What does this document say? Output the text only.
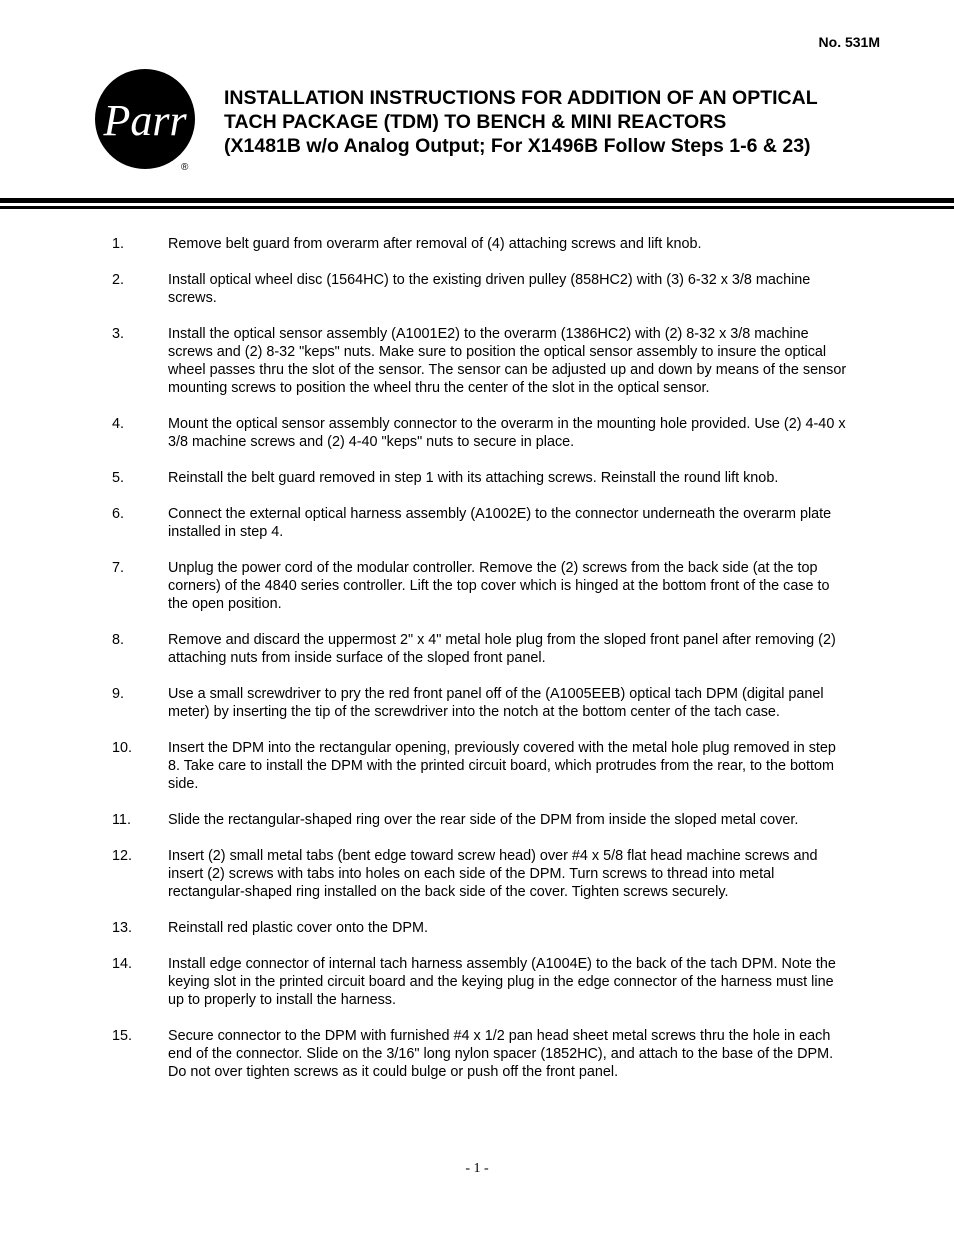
No. 531M
Parr
®
INSTALLATION INSTRUCTIONS FOR ADDITION OF AN OPTICAL
TACH PACKAGE (TDM) TO BENCH & MINI REACTORS
(X1481B w/o Analog Output; For X1496B Follow Steps 1-6 & 23)
1.	Remove belt guard from overarm after removal of (4) attaching screws and lift knob.
2.	Install optical wheel disc (1564HC) to the existing driven pulley (858HC2) with (3) 6-32 x 3/8 machine screws.
3.	Install the optical sensor assembly (A1001E2) to the overarm (1386HC2) with (2) 8-32 x 3/8 machine screws and (2) 8-32 "keps" nuts. Make sure to position the optical sensor assembly to insure the optical wheel passes thru the slot of the sensor. The sensor can be adjusted up and down by means of the sensor mounting screws to position the wheel thru the center of the slot in the optical sensor.
4.	Mount the optical sensor assembly connector to the overarm in the mounting hole provided. Use (2) 4-40 x 3/8 machine screws and (2) 4-40 "keps" nuts to secure in place.
5.	Reinstall the belt guard removed in step 1 with its attaching screws. Reinstall the round lift knob.
6.	Connect the external optical harness assembly (A1002E) to the connector underneath the overarm plate installed in step 4.
7.	Unplug the power cord of the modular controller. Remove the (2) screws from the back side (at the top corners) of the 4840 series controller. Lift the top cover which is hinged at the bottom front of the case to the open position.
8.	Remove and discard the uppermost 2" x 4" metal hole plug from the sloped front panel after removing (2) attaching nuts from inside surface of the sloped front panel.
9.	Use a small screwdriver to pry the red front panel off of the (A1005EEB) optical tach DPM (digital panel meter) by inserting the tip of the screwdriver into the notch at the bottom center of the tach case.
10.	Insert the DPM into the rectangular opening, previously covered with the metal hole plug removed in step 8. Take care to install the DPM with the printed circuit board, which protrudes from the rear, to the bottom side.
11.	Slide the rectangular-shaped ring over the rear side of the DPM from inside the sloped metal cover.
12.	Insert (2) small metal tabs (bent edge toward screw head) over #4 x 5/8 flat head machine screws and insert (2) screws with tabs into holes on each side of the DPM. Turn screws to thread into metal rectangular-shaped ring installed on the back side of the cover. Tighten screws securely.
13.	Reinstall red plastic cover onto the DPM.
14.	Install edge connector of internal tach harness assembly (A1004E) to the back of the tach DPM. Note the keying slot in the printed circuit board and the keying plug in the edge connector of the harness must line up to properly to install the harness.
15.	Secure connector to the DPM with furnished #4 x 1/2 pan head sheet metal screws thru the hole in each end of the connector. Slide on the 3/16" long nylon spacer (1852HC), and attach to the base of the DPM. Do not over tighten screws as it could bulge or push off the front panel.
- 1 -
